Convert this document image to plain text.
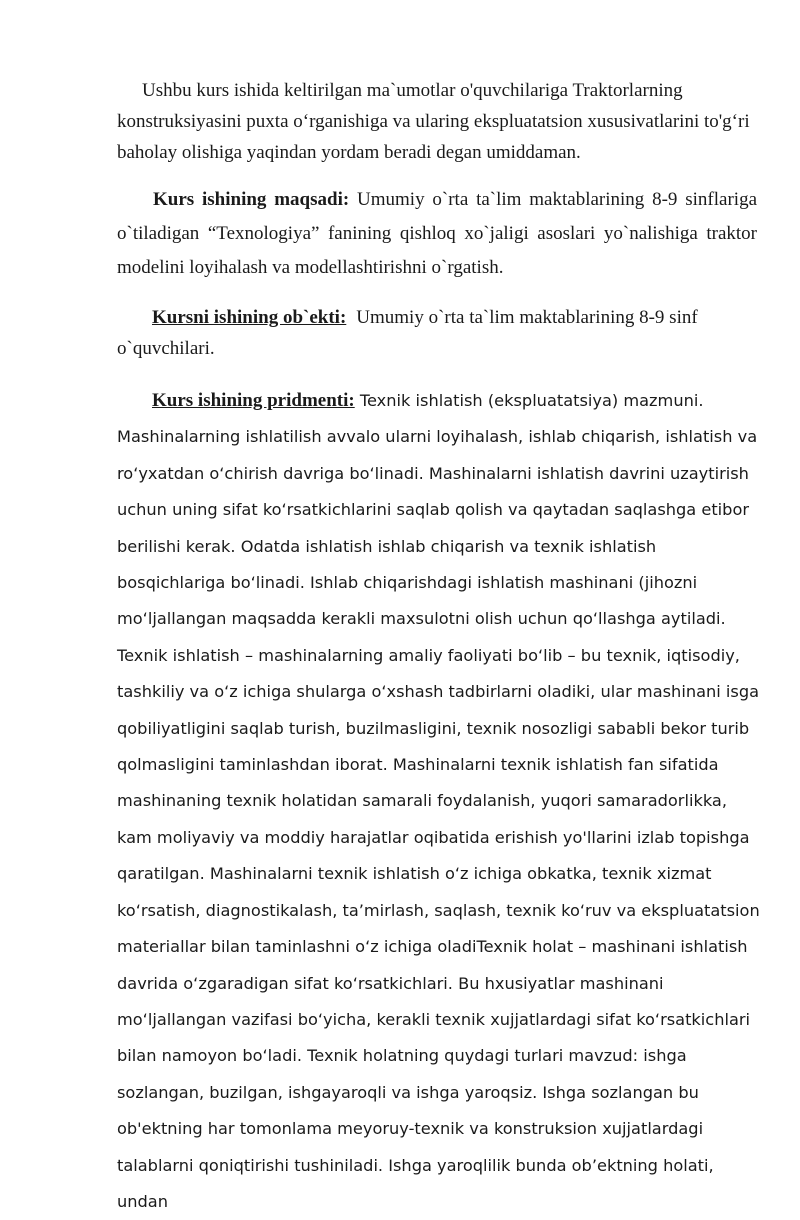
Ushbu kurs ishida keltirilgan ma`umotlar o'quvchilariga Traktorlarning konstruksiyasini puxta o‘rganishiga va ularing ekspluatatsion xususivatlarini to'g‘ri baholay olishiga yaqindan yordam beradi degan umiddaman.

Kurs ishining maqsadi: Umumiy o`rta ta`lim maktablarining 8-9 sinflariga o`tiladigan “Texnologiya” fanining qishloq xo`jaligi asoslari yo`nalishiga traktor modelini loyihalash va modellashtirishni o`rgatish.

Kursni ishining ob`ekti: Umumiy o`rta ta`lim maktablarining 8-9 sinf o`quvchilari.

Kurs ishining pridmenti: Texnik ishlatish (ekspluatatsiya) mazmuni. Mashinalarning ishlatilish avvalo ularni loyihalash, ishlab chiqarish, ishlatish va ro‘yxatdan o‘chirish davriga bo‘linadi. Mashinalarni ishlatish davrini uzaytirish uchun uning sifat ko‘rsatkichlarini saqlab qolish va qaytadan saqlashga etibor berilishi kerak. Odatda ishlatish ishlab chiqarish va texnik ishlatish bosqichlariga bo‘linadi. Ishlab chiqarishdagi ishlatish mashinani (jihozni mo‘ljallangan maqsadda kerakli maxsulotni olish uchun qo‘llashga aytiladi. Texnik ishlatish – mashinalarning amaliy faoliyati bo‘lib – bu texnik, iqtisodiy, tashkiliy va o‘z ichiga shularga o‘xshash tadbirlarni oladiki, ular mashinani isga qobiliyatligini saqlab turish, buzilmasligini, texnik nosozligi sababli bekor turib qolmasligini taminlashdan iborat. Mashinalarni texnik ishlatish fan sifatida mashinaning texnik holatidan samarali foydalanish, yuqori samaradorlikka, kam moliyaviy va moddiy harajatlar oqibatida erishish yo'llarini izlab topishga qaratilgan. Mashinalarni texnik ishlatish o‘z ichiga obkatka, texnik xizmat ko‘rsatish, diagnostikalash, ta’mirlash, saqlash, texnik ko‘ruv va ekspluatatsion materiallar bilan taminlashni o‘z ichiga oladiTexnik holat – mashinani ishlatish davrida o‘zgaradigan sifat ko‘rsatkichlari. Bu hxusiyatlar mashinani mo‘ljallangan vazifasi bo‘yicha, kerakli texnik xujjatlardagi sifat ko‘rsatkichlari bilan namoyon bo‘ladi. Texnik holatning quydagi turlari mavzud: ishga sozlangan, buzilgan, ishgayaroqli va ishga yaroqsiz. Ishga sozlangan bu ob'ektning har tomonlama meyoruy-texnik va konstruksion xujjatlardagi talablarni qoniqtirishi tushiniladi. Ishga yaroqlilik bunda ob’ektning holati, undan
